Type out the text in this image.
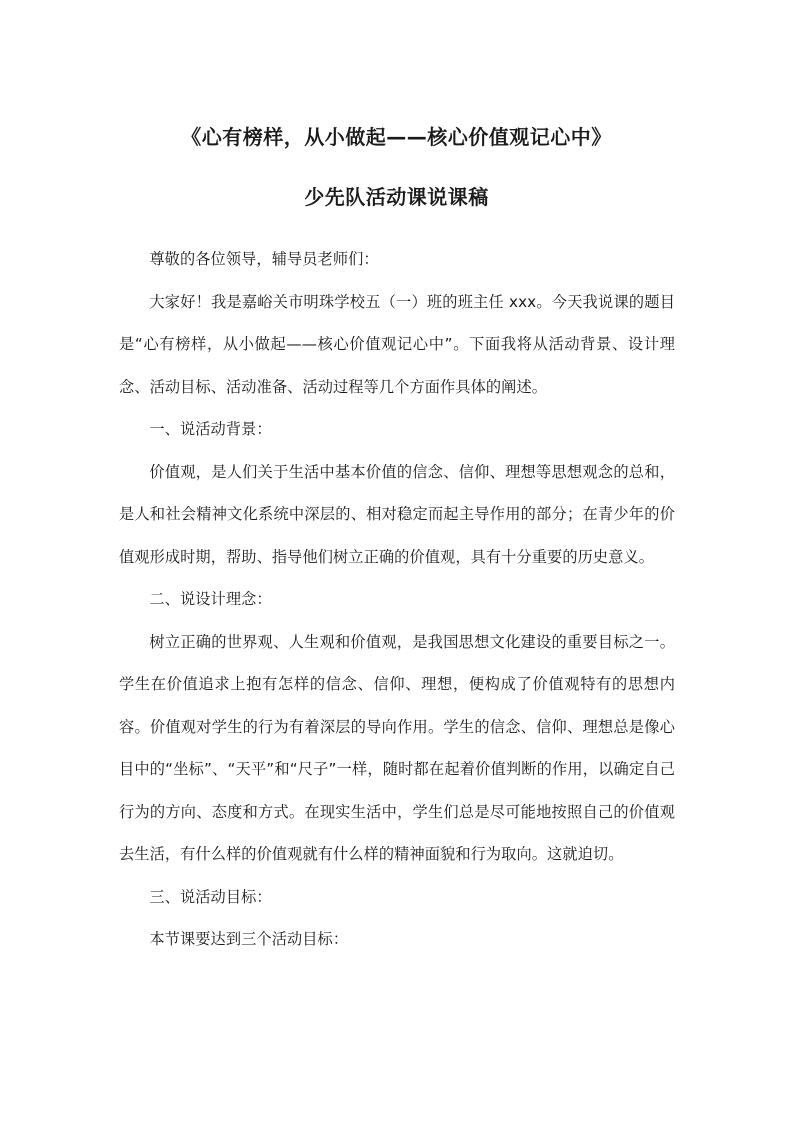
《心有榜样，从小做起——核心价值观记心中》
少先队活动课说课稿

尊敬的各位领导，辅导员老师们：

大家好！我是嘉峪关市明珠学校五（一）班的班主任 xxx。今天我说课的题目是“心有榜样，从小做起——核心价值观记心中”。下面我将从活动背景、设计理念、活动目标、活动准备、活动过程等几个方面作具体的阐述。

一、说活动背景：

价值观，是人们关于生活中基本价值的信念、信仰、理想等思想观念的总和，是人和社会精神文化系统中深层的、相对稳定而起主导作用的部分；在青少年的价值观形成时期，帮助、指导他们树立正确的价值观，具有十分重要的历史意义。

二、说设计理念：

树立正确的世界观、人生观和价值观，是我国思想文化建设的重要目标之一。学生在价值追求上抱有怎样的信念、信仰、理想，便构成了价值观特有的思想内容。价值观对学生的行为有着深层的导向作用。学生的信念、信仰、理想总是像心目中的“坐标”、“天平”和“尺子”一样，随时都在起着价值判断的作用，以确定自己行为的方向、态度和方式。在现实生活中，学生们总是尽可能地按照自己的价值观去生活，有什么样的价值观就有什么样的精神面貌和行为取向。这就迫切。

三、说活动目标：

本节课要达到三个活动目标：
